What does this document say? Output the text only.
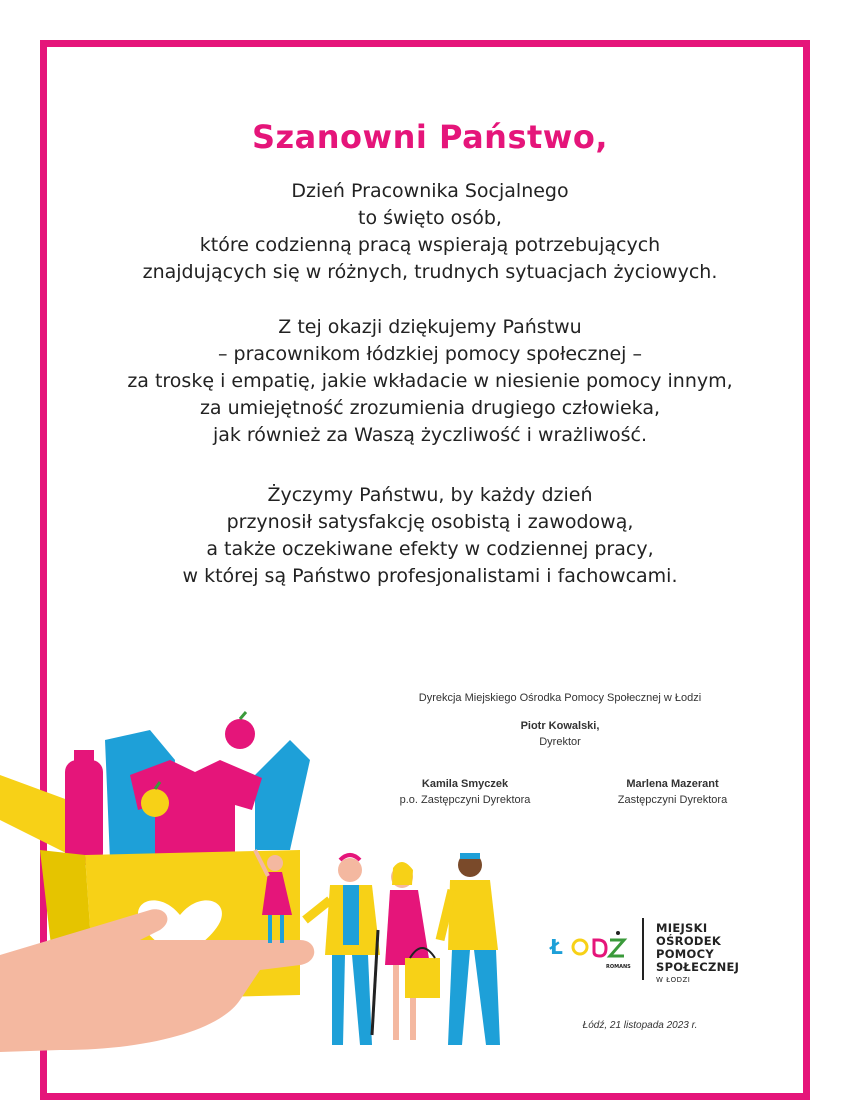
Szanowni Państwo,
Dzień Pracownika Socjalnego
to święto osób,
które codzienną pracą wspierają potrzebujących
znajdujących się w różnych, trudnych sytuacjach życiowych.
Z tej okazji dziękujemy Państwu
– pracownikom łódzkiej pomocy społecznej –
za troskę i empatię, jakie wkładacie w niesienie pomocy innym,
za umiejętność zrozumienia drugiego człowieka,
jak również za Waszą życzliwość i wrażliwość.
Życzymy Państwu, by każdy dzień
przynosił satysfakcję osobistą i zawodową,
a także oczekiwane efekty w codziennej pracy,
w której są Państwo profesjonalistami i fachowcami.
Dyrekcja Miejskiego Ośrodka Pomocy Społecznej w Łodzi
Piotr Kowalski,
Dyrektor
Kamila Smyczek
p.o. Zastępczyni Dyrektora
Marlena Mazerant
Zastępczyni Dyrektora
Ł
ROMANS
MIEJSKI
OŚRODEK
POMOCY
SPOŁECZNEJ
W ŁODZI
Łódź, 21 listopada 2023 r.
